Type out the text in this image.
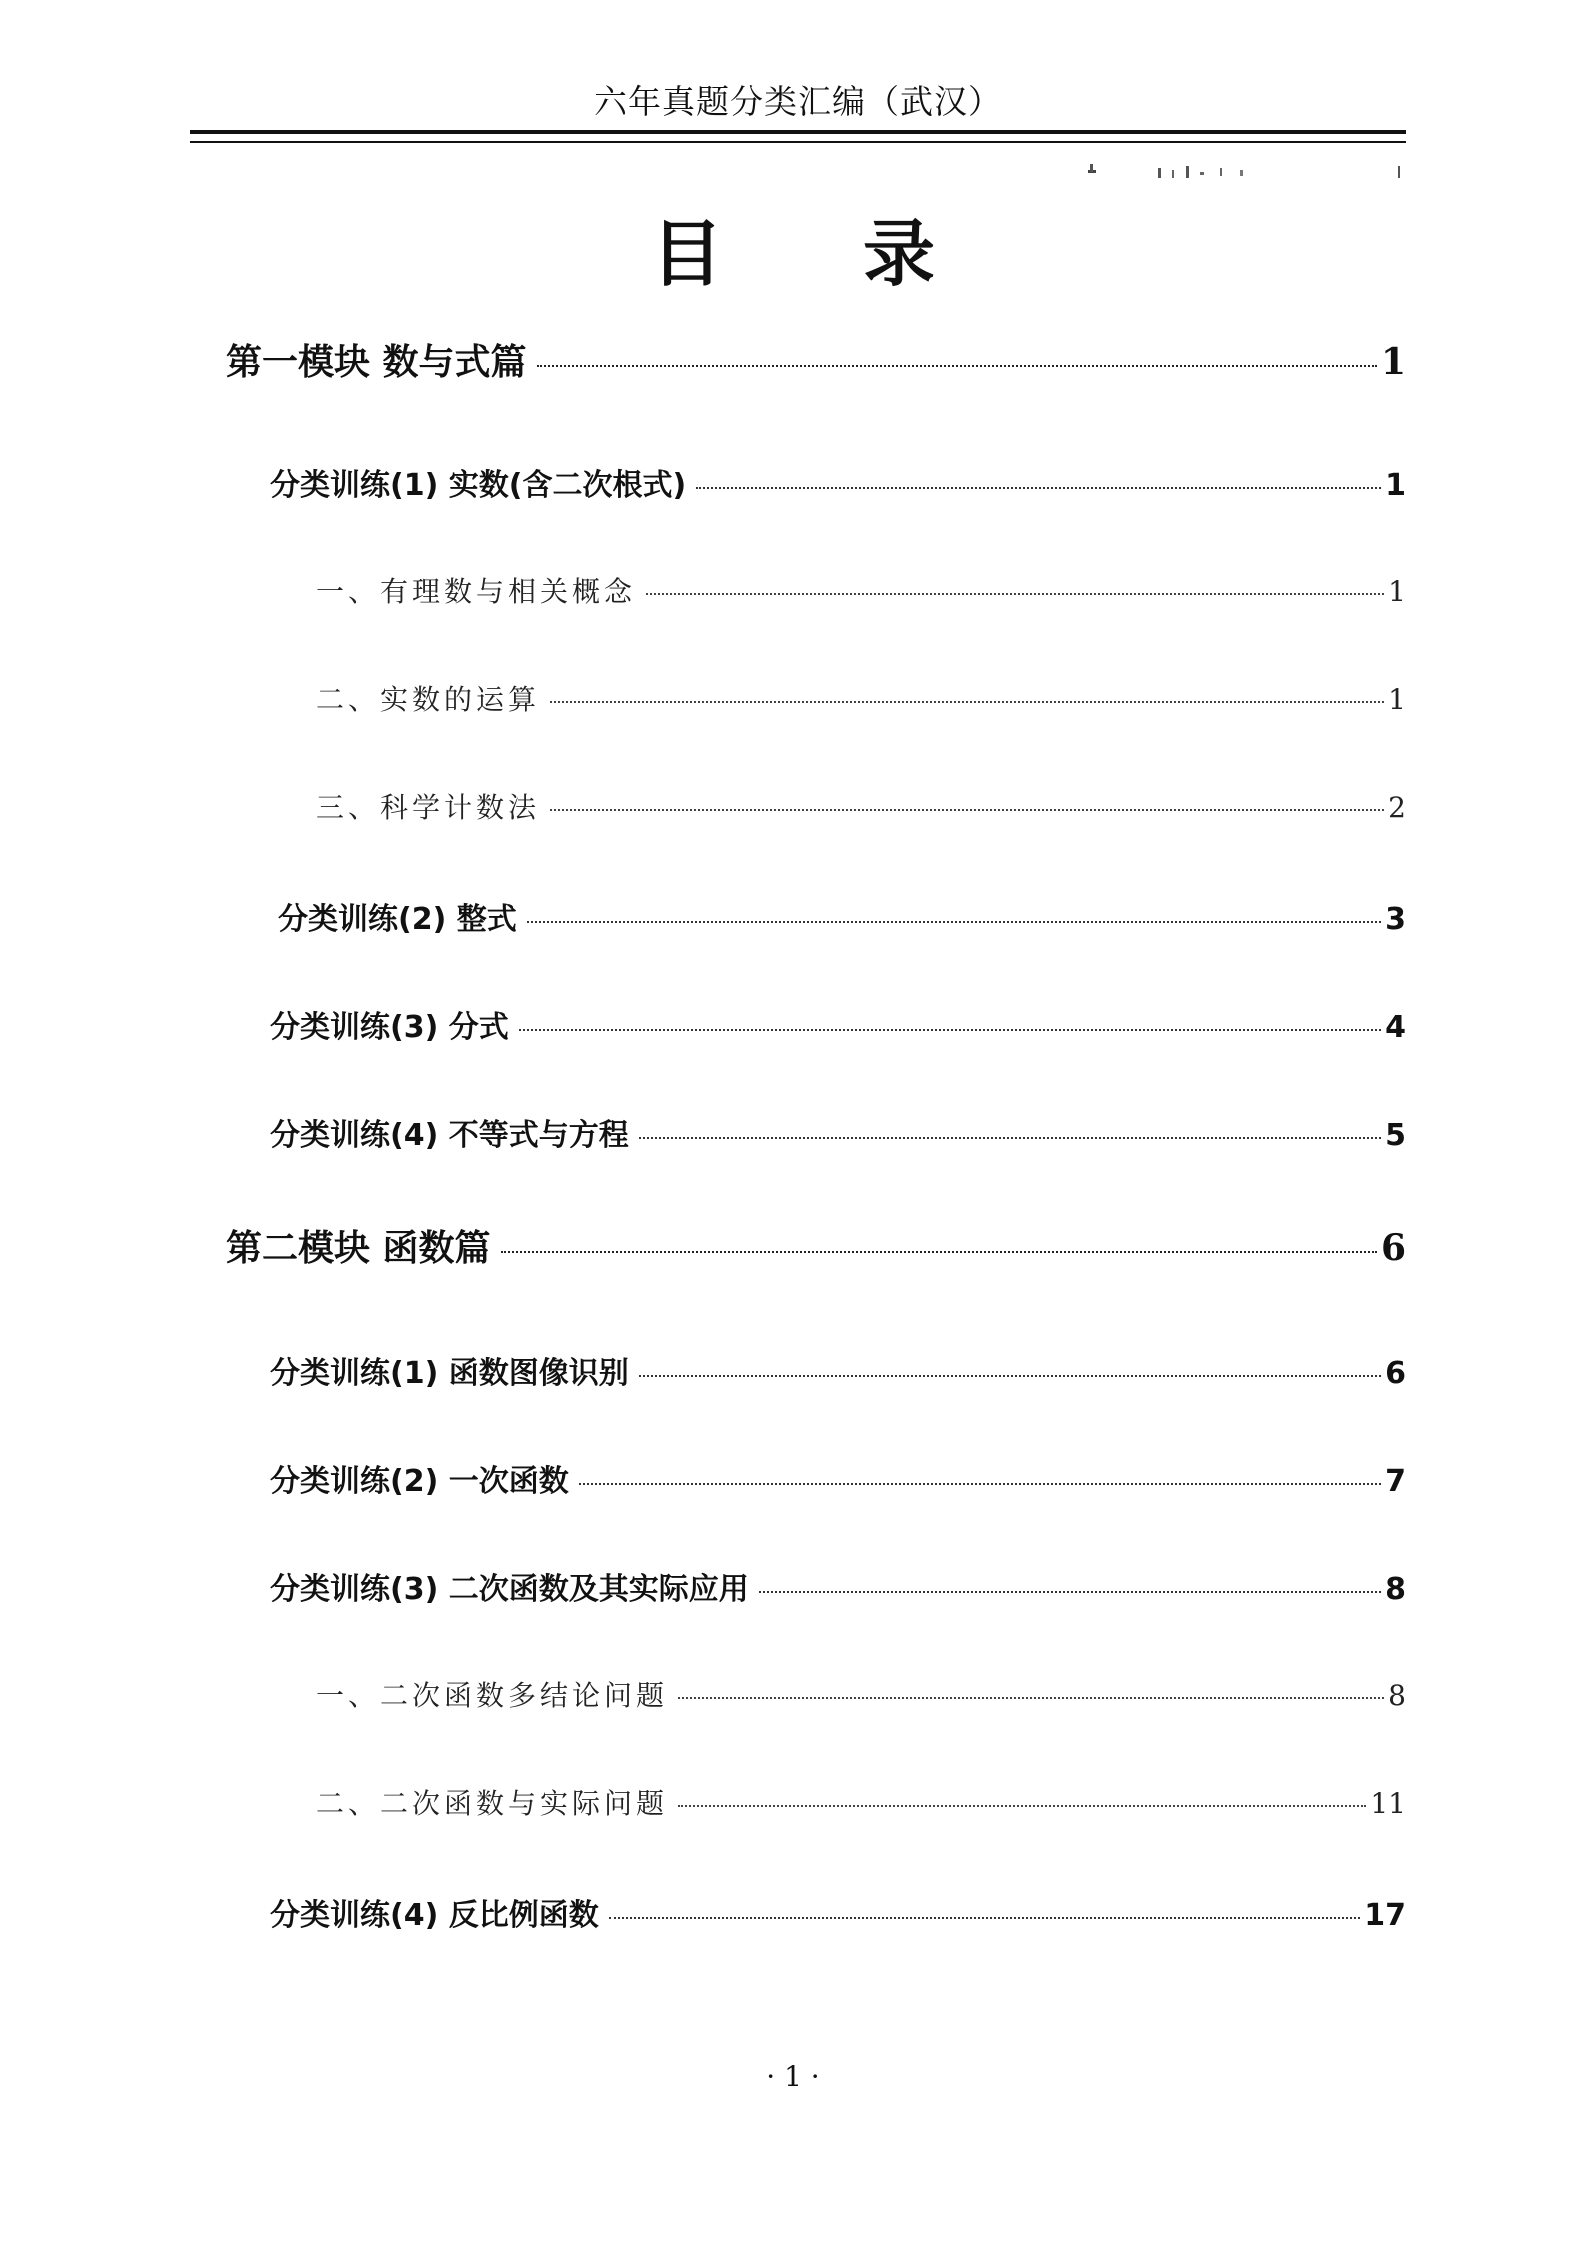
六年真题分类汇编（武汉）
目 录
第一模块 数与式篇	1
分类训练(1) 实数(含二次根式)	1
一、有理数与相关概念	1
二、实数的运算	1
三、科学计数法	2
分类训练(2) 整式	3
分类训练(3) 分式	4
分类训练(4) 不等式与方程	5
第二模块 函数篇	6
分类训练(1) 函数图像识别	6
分类训练(2) 一次函数	7
分类训练(3) 二次函数及其实际应用	8
一、二次函数多结论问题	8
二、二次函数与实际问题	11
分类训练(4) 反比例函数	17
· 1 ·
